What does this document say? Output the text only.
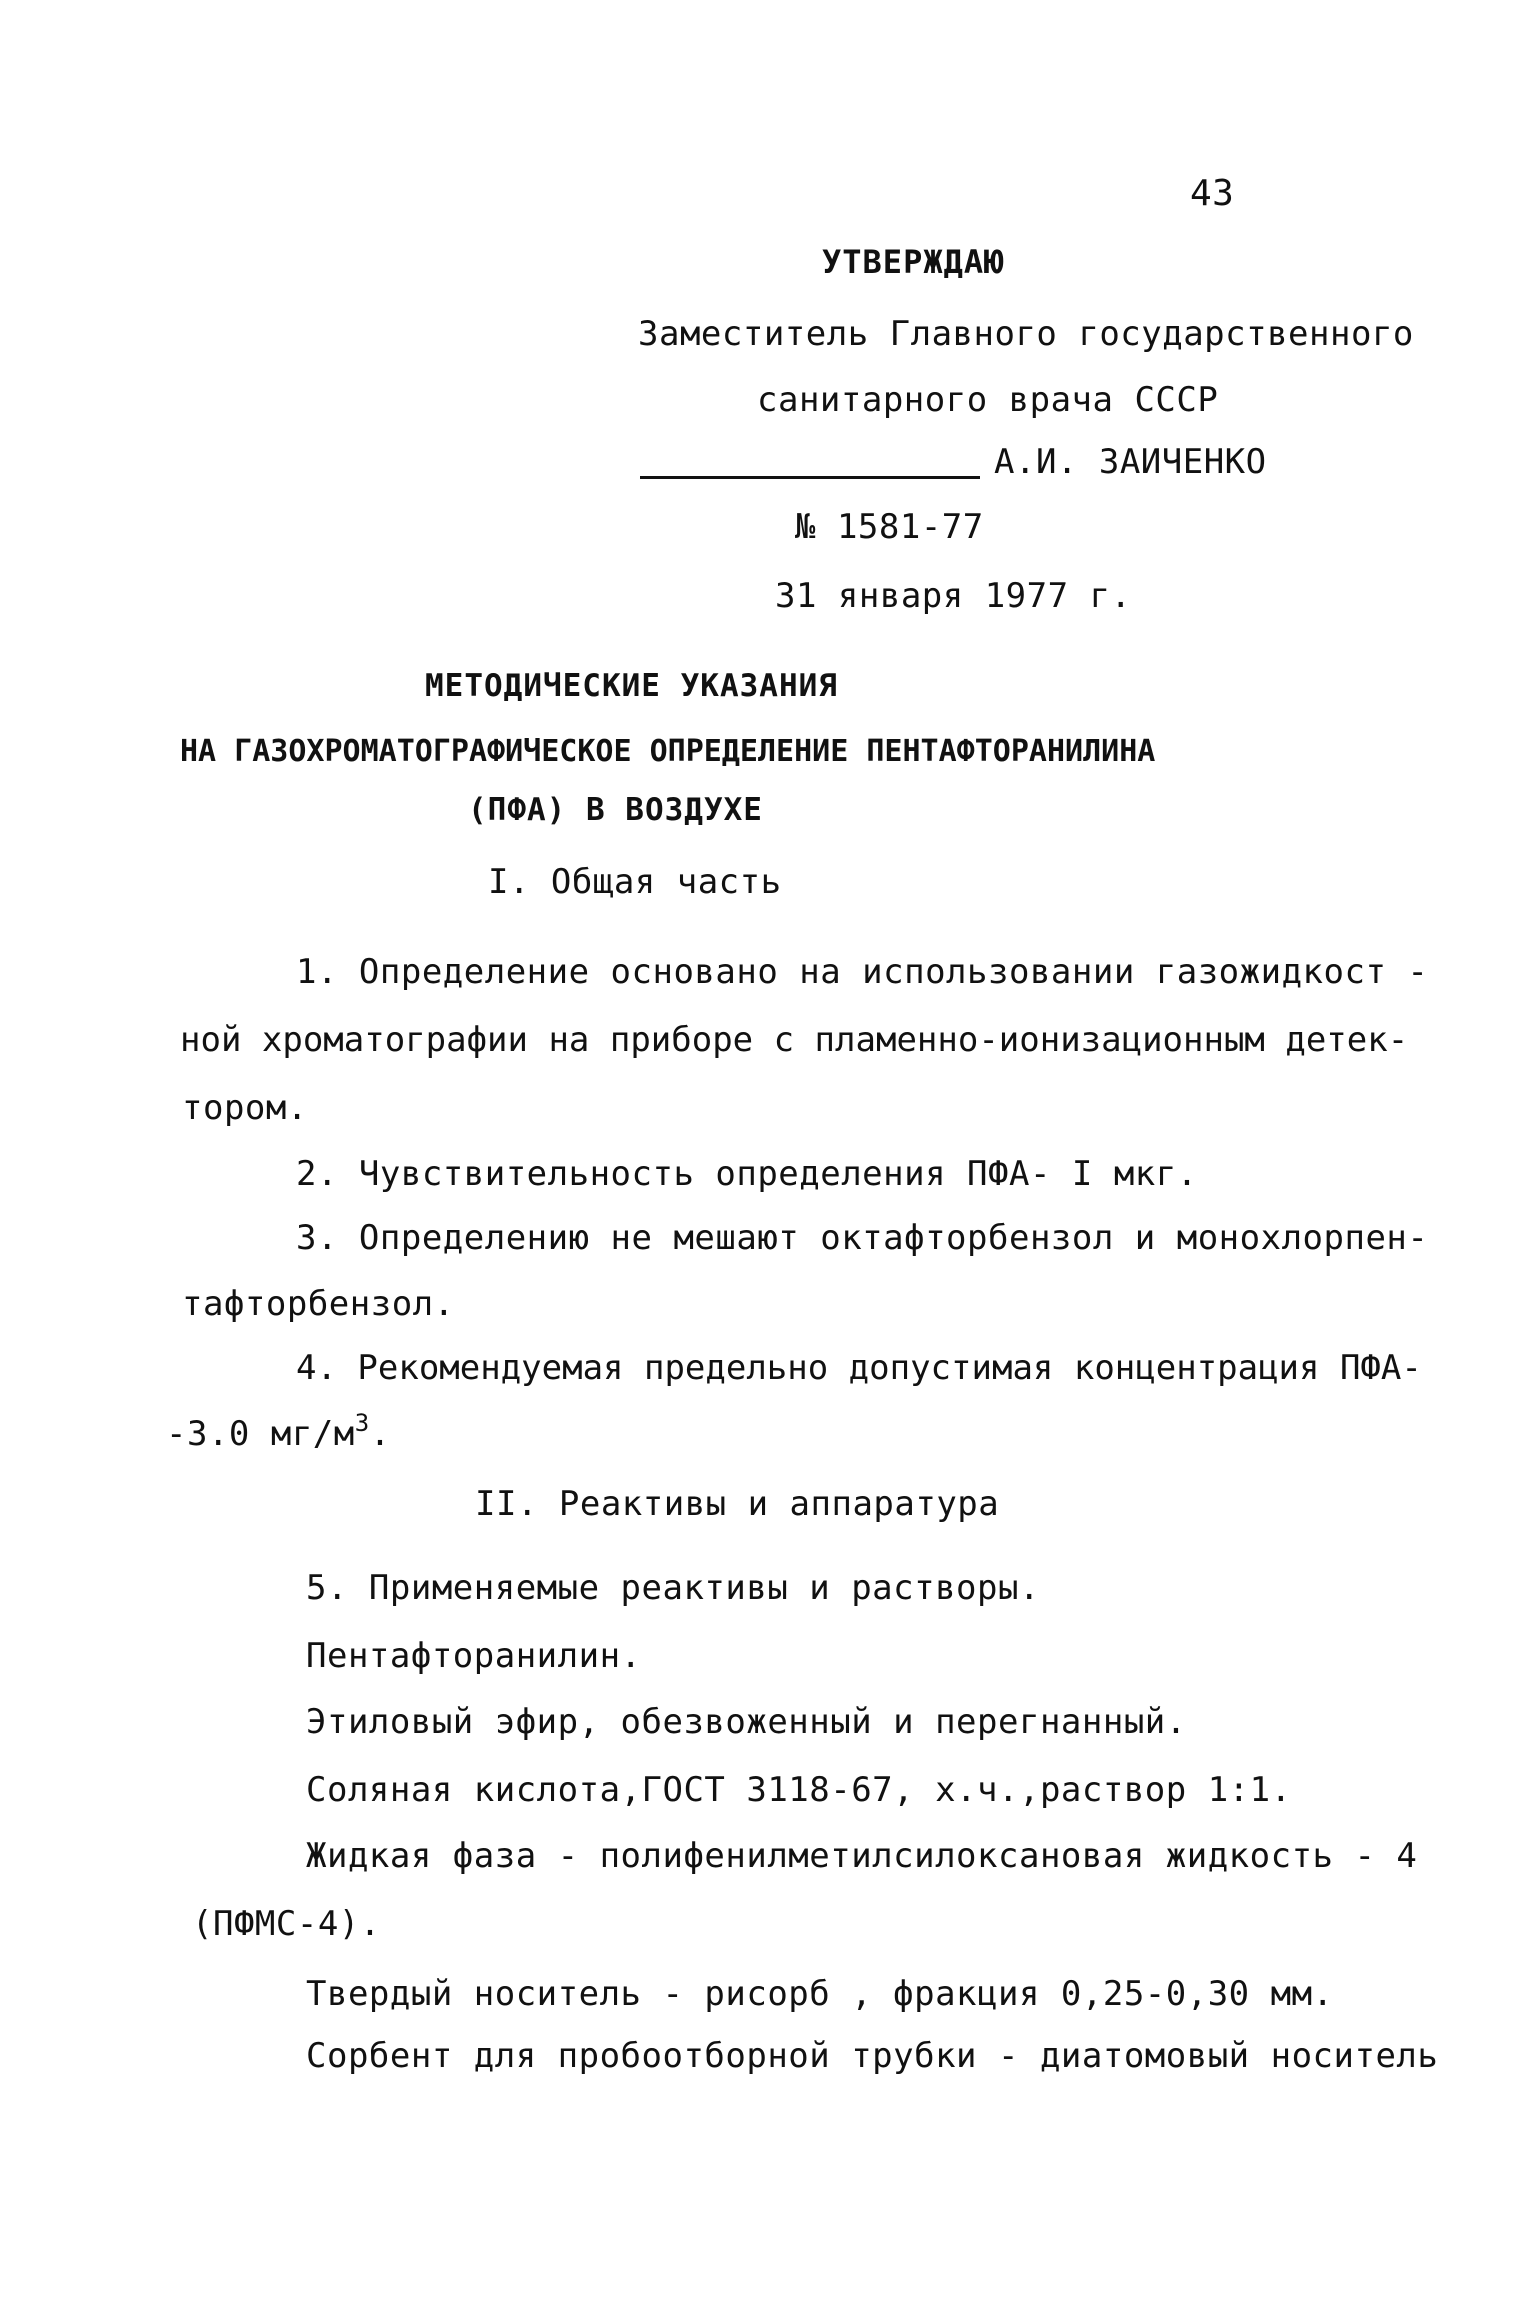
43
УТВЕРЖДАЮ
Заместитель Главного государственного
санитарного врача СССР
А.И. ЗАИЧЕНКО
№ 1581-77
31 января 1977 г.
МЕТОДИЧЕСКИЕ УКАЗАНИЯ
НА ГАЗОХРОМАТОГРАФИЧЕСКОЕ ОПРЕДЕЛЕНИЕ ПЕНТАФТОРАНИЛИНА
(ПФА) В ВОЗДУХЕ
I. Общая часть
1. Определение основано на использовании газожидкост -
ной хроматографии на приборе с пламенно-ионизационным детек-
тором.
2. Чувствительность определения ПФА- I мкг.
3. Определению не мешают октафторбензол и монохлорпен-
тафторбензол.
4. Рекомендуемая предельно допустимая концентрация ПФА-
-3.0 $мг/м^3$.
II. Реактивы и аппаратура
5. Применяемые реактивы и растворы.
Пентафторанилин.
Этиловый эфир, обезвоженный и перегнанный.
Соляная кислота,ГОСТ 3118-67, х.ч.,раствор 1:1.
Жидкая фаза - полифенилметилсилоксановая жидкость - 4
(ПФМС-4).
Твердый носитель - рисорб , фракция 0,25-0,30 мм.
Сорбент для пробоотборной трубки - диатомовый носитель
